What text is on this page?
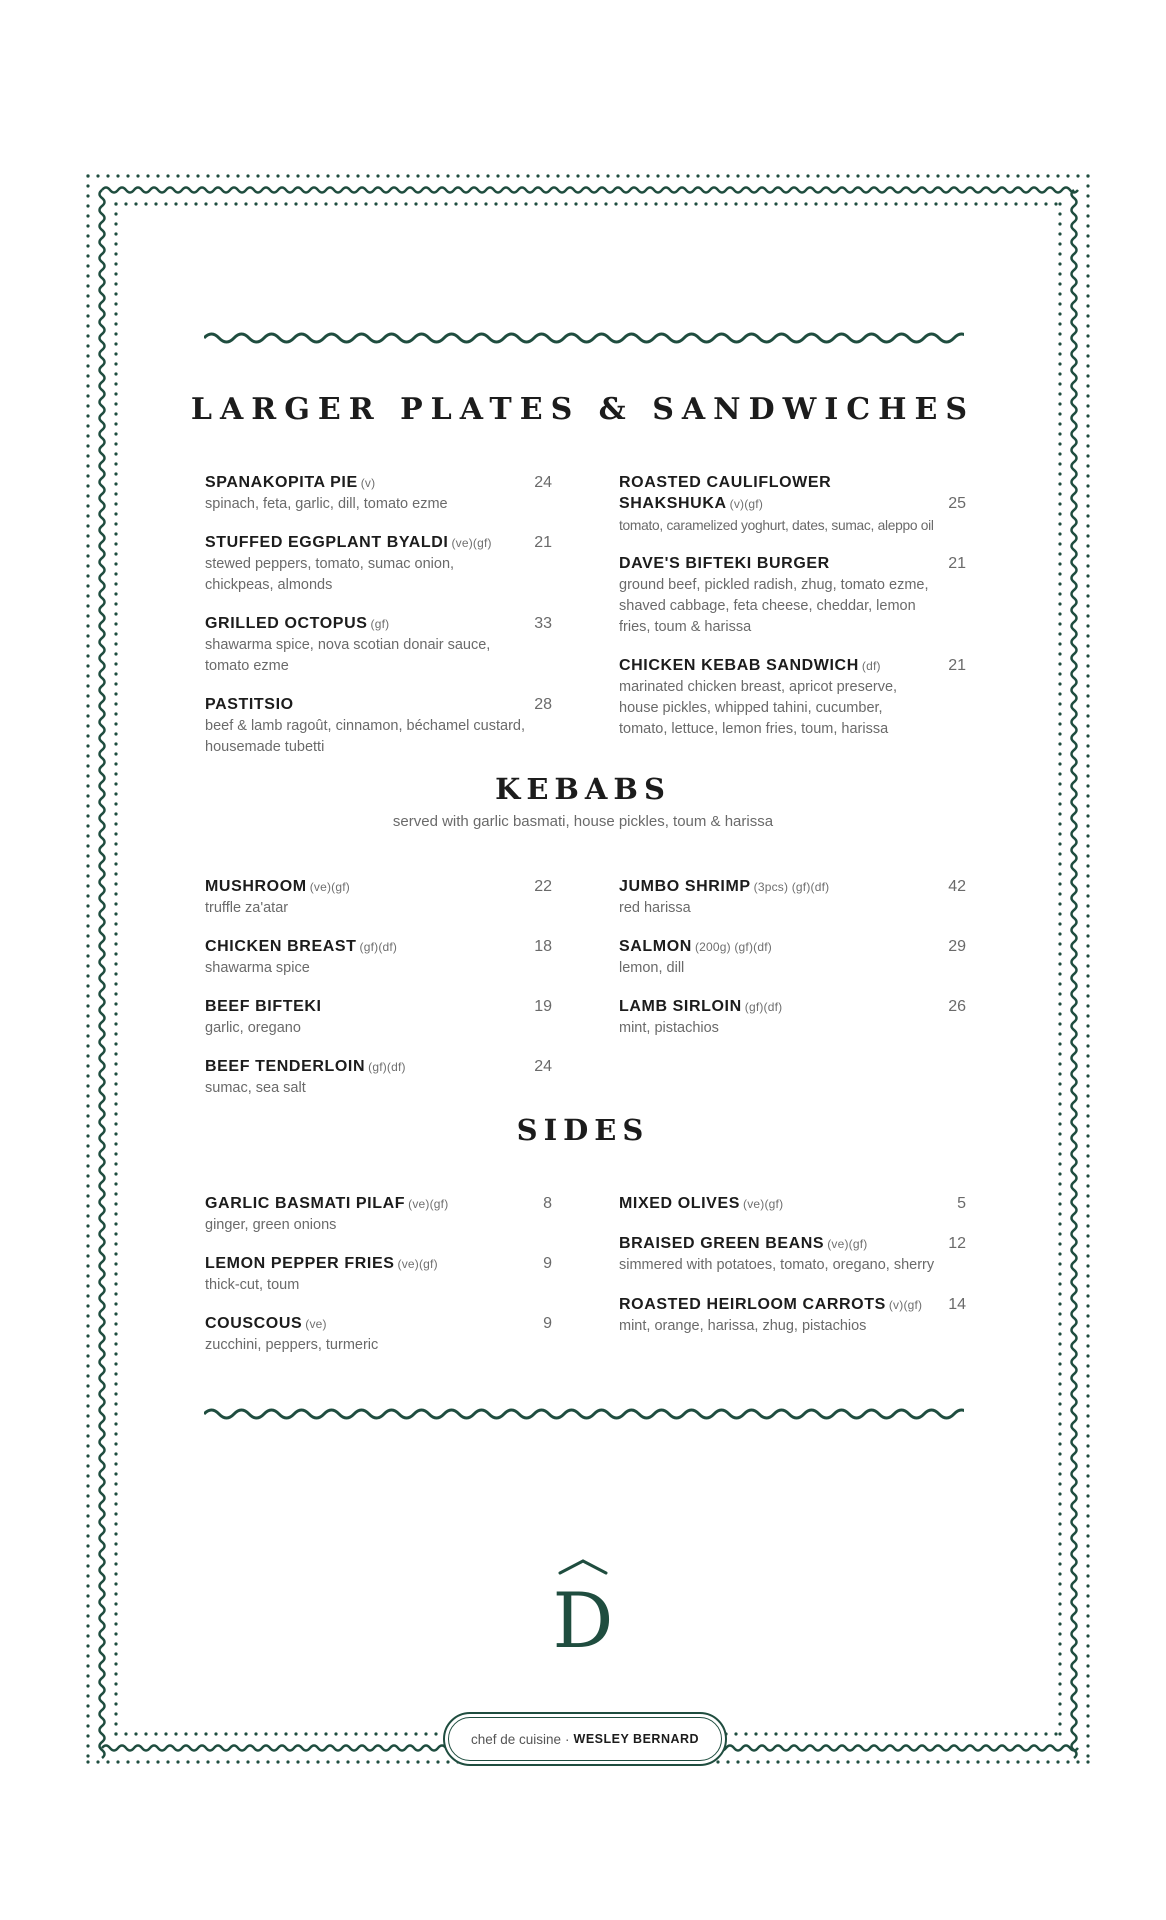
LARGER PLATES & SANDWICHES
SPANAKOPITA PIE (v)	24
spinach, feta, garlic, dill, tomato ezme
STUFFED EGGPLANT BYALDI (ve)(gf)	21
stewed peppers, tomato, sumac onion, chickpeas, almonds
GRILLED OCTOPUS (gf)	33
shawarma spice, nova scotian donair sauce, tomato ezme
PASTITSIO	28
beef & lamb ragoût, cinnamon, béchamel custard, housemade tubetti
ROASTED CAULIFLOWER SHAKSHUKA (v)(gf)	25
tomato, caramelized yoghurt, dates, sumac, aleppo oil
DAVE'S BIFTEKI BURGER	21
ground beef, pickled radish, zhug, tomato ezme, shaved cabbage, feta cheese, cheddar, lemon fries, toum & harissa
CHICKEN KEBAB SANDWICH (df)	21
marinated chicken breast, apricot preserve, house pickles, whipped tahini, cucumber, tomato, lettuce, lemon fries, toum, harissa
KEBABS
served with garlic basmati, house pickles, toum & harissa
MUSHROOM (ve)(gf)	22
truffle za'atar
CHICKEN BREAST (gf)(df)	18
shawarma spice
BEEF BIFTEKI	19
garlic, oregano
BEEF TENDERLOIN (gf)(df)	24
sumac, sea salt
JUMBO SHRIMP (3pcs) (gf)(df)	42
red harissa
SALMON (200g) (gf)(df)	29
lemon, dill
LAMB SIRLOIN (gf)(df)	26
mint, pistachios
SIDES
GARLIC BASMATI PILAF (ve)(gf)	8
ginger, green onions
LEMON PEPPER FRIES (ve)(gf)	9
thick-cut, toum
COUSCOUS (ve)	9
zucchini, peppers, turmeric
MIXED OLIVES (ve)(gf)	5
BRAISED GREEN BEANS (ve)(gf)	12
simmered with potatoes, tomato, oregano, sherry
ROASTED HEIRLOOM CARROTS (v)(gf)	14
mint, orange, harissa, zhug, pistachios
D
chef de cuisine · WESLEY BERNARD
